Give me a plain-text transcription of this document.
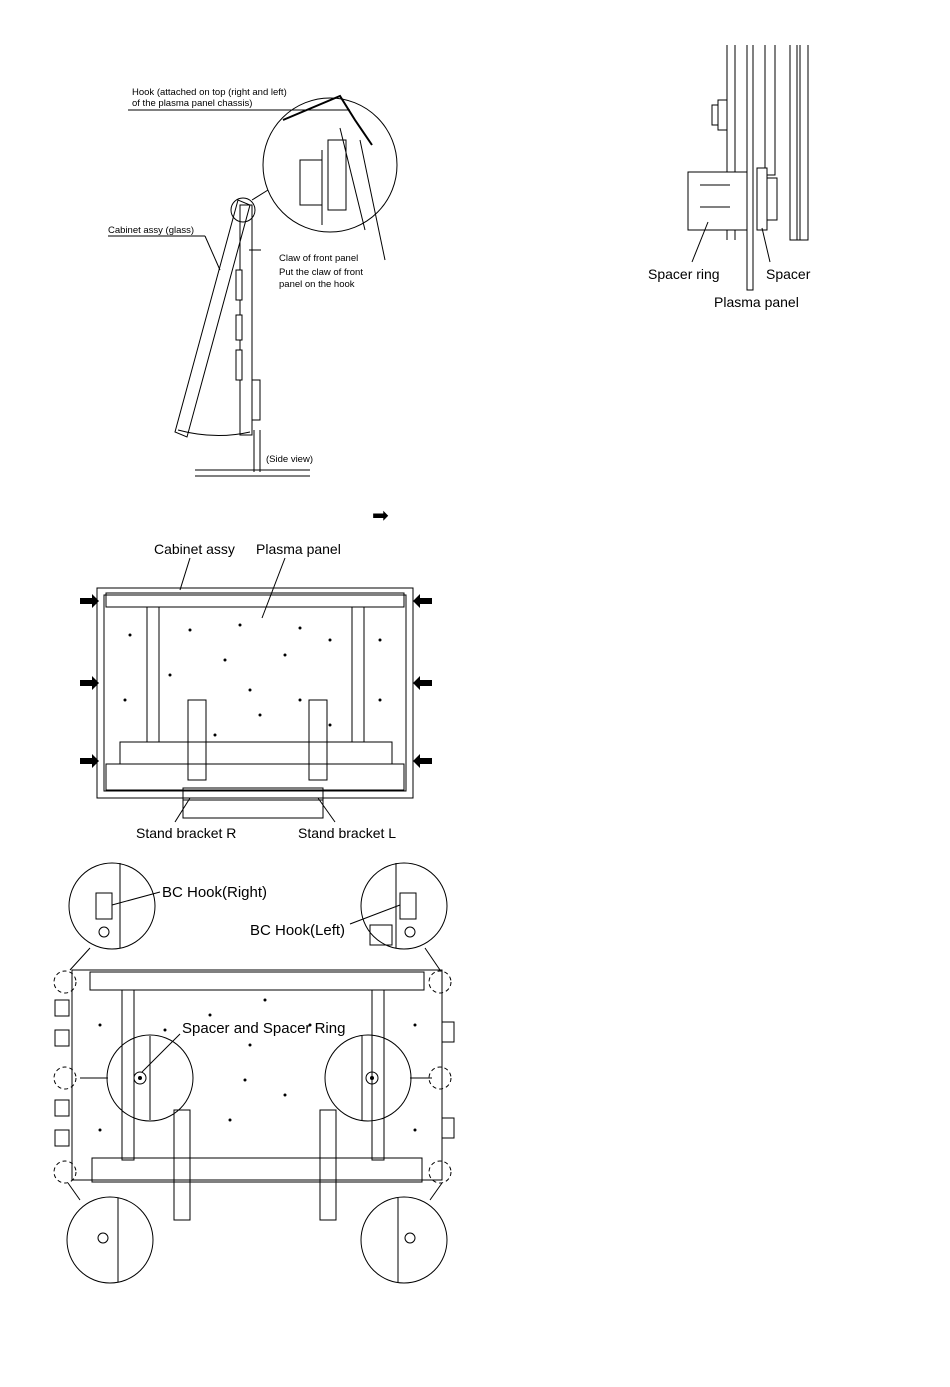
Hook (attached on top (right and left)
of the plasma panel chassis)
Cabinet assy (glass)
Claw of front panel
Put the claw of front
panel on the hook
(Side view)
Spacer ring	Spacer
Plasma panel
➡
Cabinet assy Plasma panel
Stand bracket R	Stand bracket L
BC Hook(Right)
BC Hook(Left)
Spacer and Spacer Ring
